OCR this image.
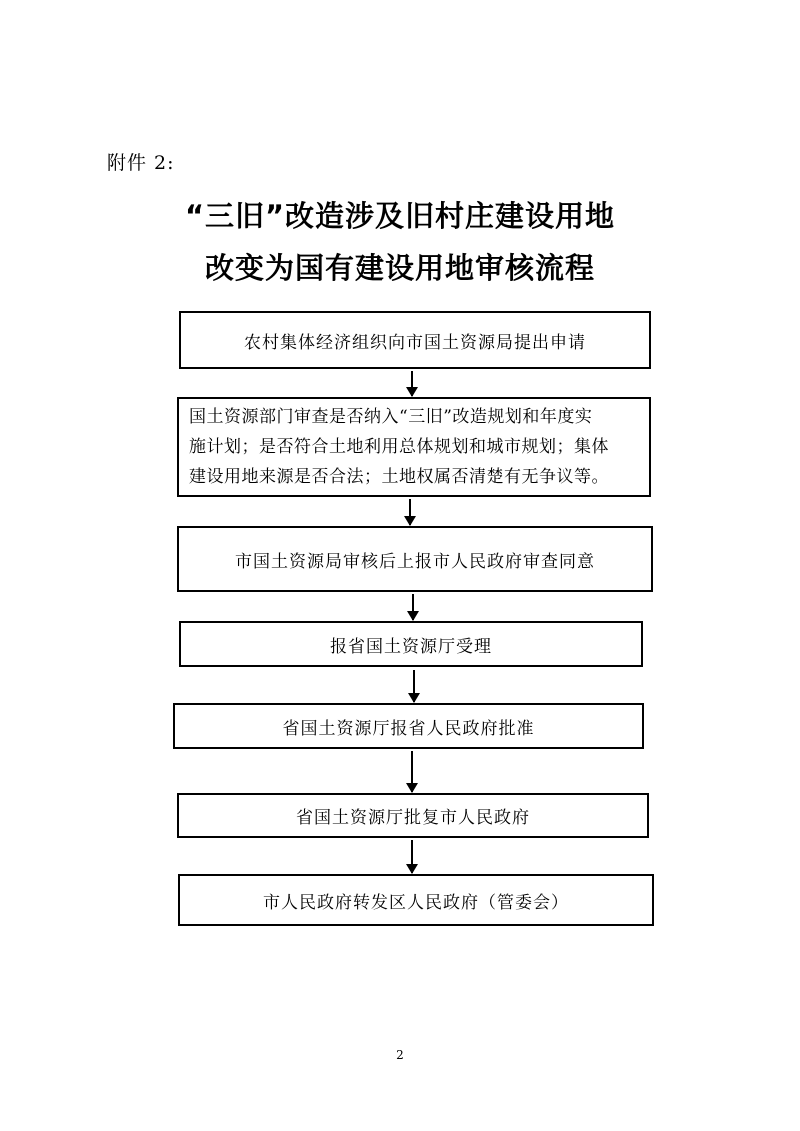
附件 2:
“三旧”改造涉及旧村庄建设用地
改变为国有建设用地审核流程
农村集体经济组织向市国土资源局提出申请
国土资源部门审查是否纳入“三旧”改造规划和年度实
施计划；是否符合土地利用总体规划和城市规划；集体
建设用地来源是否合法；土地权属否清楚有无争议等。
市国土资源局审核后上报市人民政府审查同意
报省国土资源厅受理
省国土资源厅报省人民政府批准
省国土资源厅批复市人民政府
市人民政府转发区人民政府（管委会）
2
